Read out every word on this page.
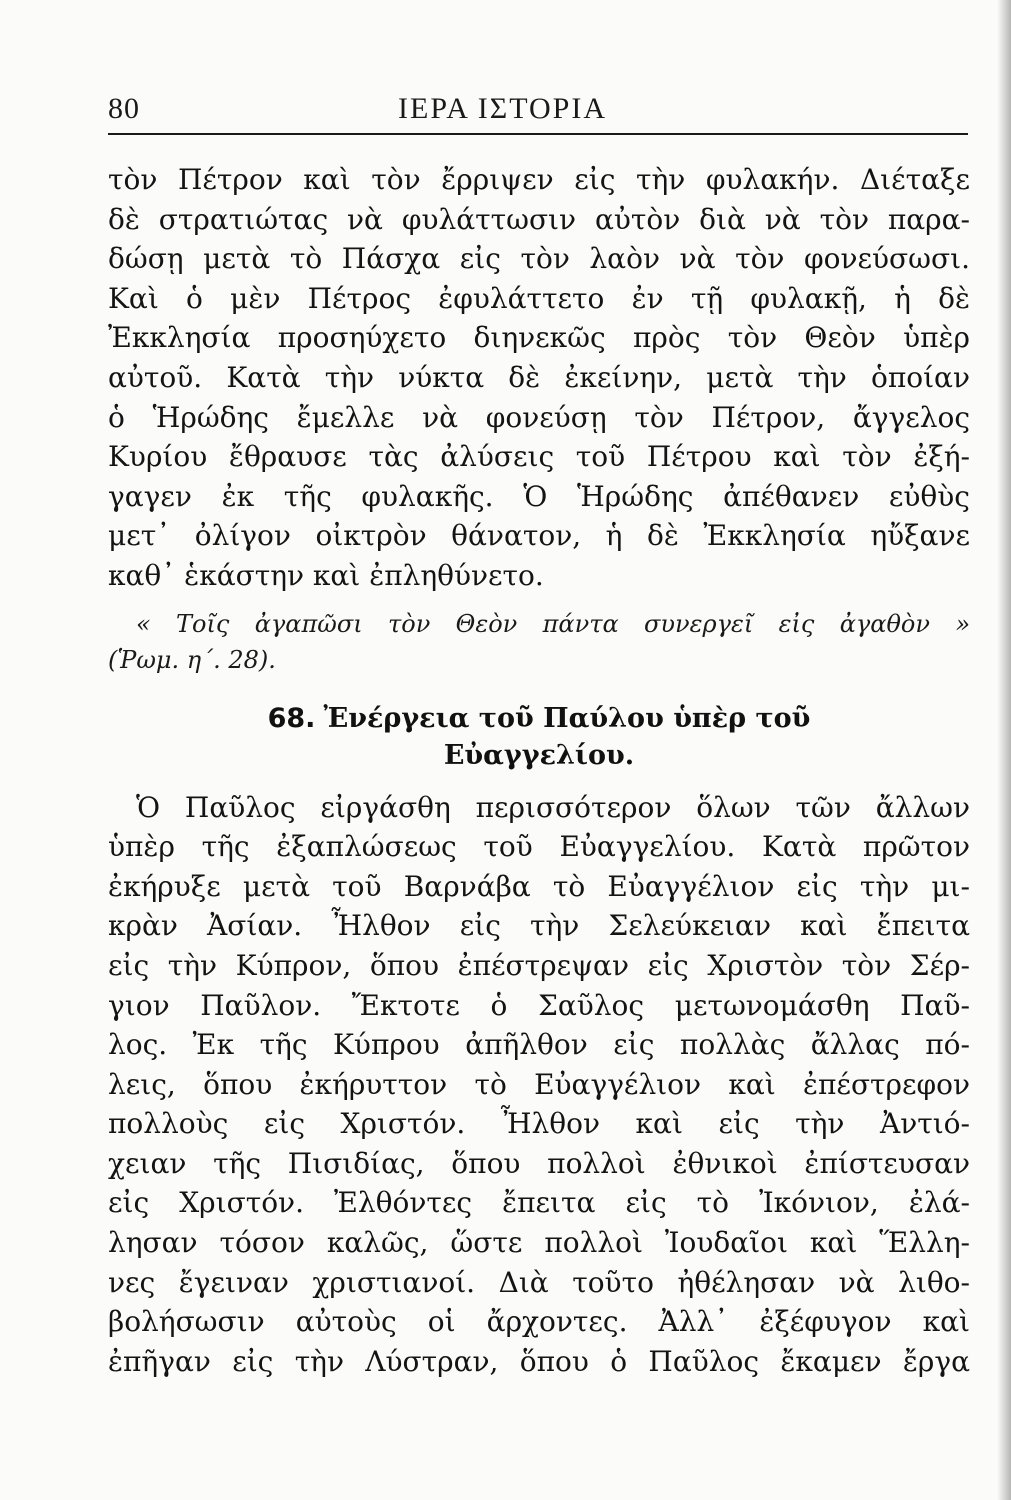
80	ΙΕΡΑ ΙΣΤΟΡΙΑ
τὸν Πέτρον καὶ τὸν ἔρριψεν εἰς τὴν φυλακήν. Διέταξε
δὲ στρατιώτας νὰ φυλάττωσιν αὐτὸν διὰ νὰ τὸν παρα-
δώσῃ μετὰ τὸ Πάσχα εἰς τὸν λαὸν νὰ τὸν φονεύσωσι.
Καὶ ὁ μὲν Πέτρος ἐφυλάττετο ἐν τῇ φυλακῇ, ἡ δὲ
Ἐκκλησία προσηύχετο διηνεκῶς πρὸς τὸν Θεὸν ὑπὲρ
αὐτοῦ. Κατὰ τὴν νύκτα δὲ ἐκείνην, μετὰ τὴν ὁποίαν
ὁ Ἡρώδης ἔμελλε νὰ φονεύσῃ τὸν Πέτρον, ἄγγελος
Κυρίου ἔθραυσε τὰς ἀλύσεις τοῦ Πέτρου καὶ τὸν ἐξή-
γαγεν ἐκ τῆς φυλακῆς. Ὁ Ἡρώδης ἀπέθανεν εὐθὺς
μετ᾽ ὀλίγον οἰκτρὸν θάνατον, ἡ δὲ Ἐκκλησία ηὔξανε
καθ᾽ ἑκάστην καὶ ἐπληθύνετο.
« Τοῖς ἀγαπῶσι τὸν Θεὸν πάντα συνεργεῖ εἰς ἀγαθὸν »
(Ῥωμ. η΄. 28).
68. Ἐνέργεια τοῦ Παύλου ὑπὲρ τοῦ
Εὐαγγελίου.
Ὁ Παῦλος εἰργάσθη περισσότερον ὅλων τῶν ἄλλων
ὑπὲρ τῆς ἐξαπλώσεως τοῦ Εὐαγγελίου. Κατὰ πρῶτον
ἐκήρυξε μετὰ τοῦ Βαρνάβα τὸ Εὐαγγέλιον εἰς τὴν μι-
κρὰν Ἀσίαν. Ἦλθον εἰς τὴν Σελεύκειαν καὶ ἔπειτα
εἰς τὴν Κύπρον, ὅπου ἐπέστρεψαν εἰς Χριστὸν τὸν Σέρ-
γιον Παῦλον. Ἔκτοτε ὁ Σαῦλος μετωνομάσθη Παῦ-
λος. Ἐκ τῆς Κύπρου ἀπῆλθον εἰς πολλὰς ἄλλας πό-
λεις, ὅπου ἐκήρυττον τὸ Εὐαγγέλιον καὶ ἐπέστρεφον
πολλοὺς εἰς Χριστόν. Ἦλθον καὶ εἰς τὴν Ἀντιό-
χειαν τῆς Πισιδίας, ὅπου πολλοὶ ἐθνικοὶ ἐπίστευσαν
εἰς Χριστόν. Ἐλθόντες ἔπειτα εἰς τὸ Ἰκόνιον, ἐλά-
λησαν τόσον καλῶς, ὥστε πολλοὶ Ἰουδαῖοι καὶ Ἕλλη-
νες ἔγειναν χριστιανοί. Διὰ τοῦτο ἠθέλησαν νὰ λιθο-
βολήσωσιν αὐτοὺς οἱ ἄρχοντες. Ἀλλ᾽ ἐξέφυγον καὶ
ἐπῆγαν εἰς τὴν Λύστραν, ὅπου ὁ Παῦλος ἔκαμεν ἔργα
